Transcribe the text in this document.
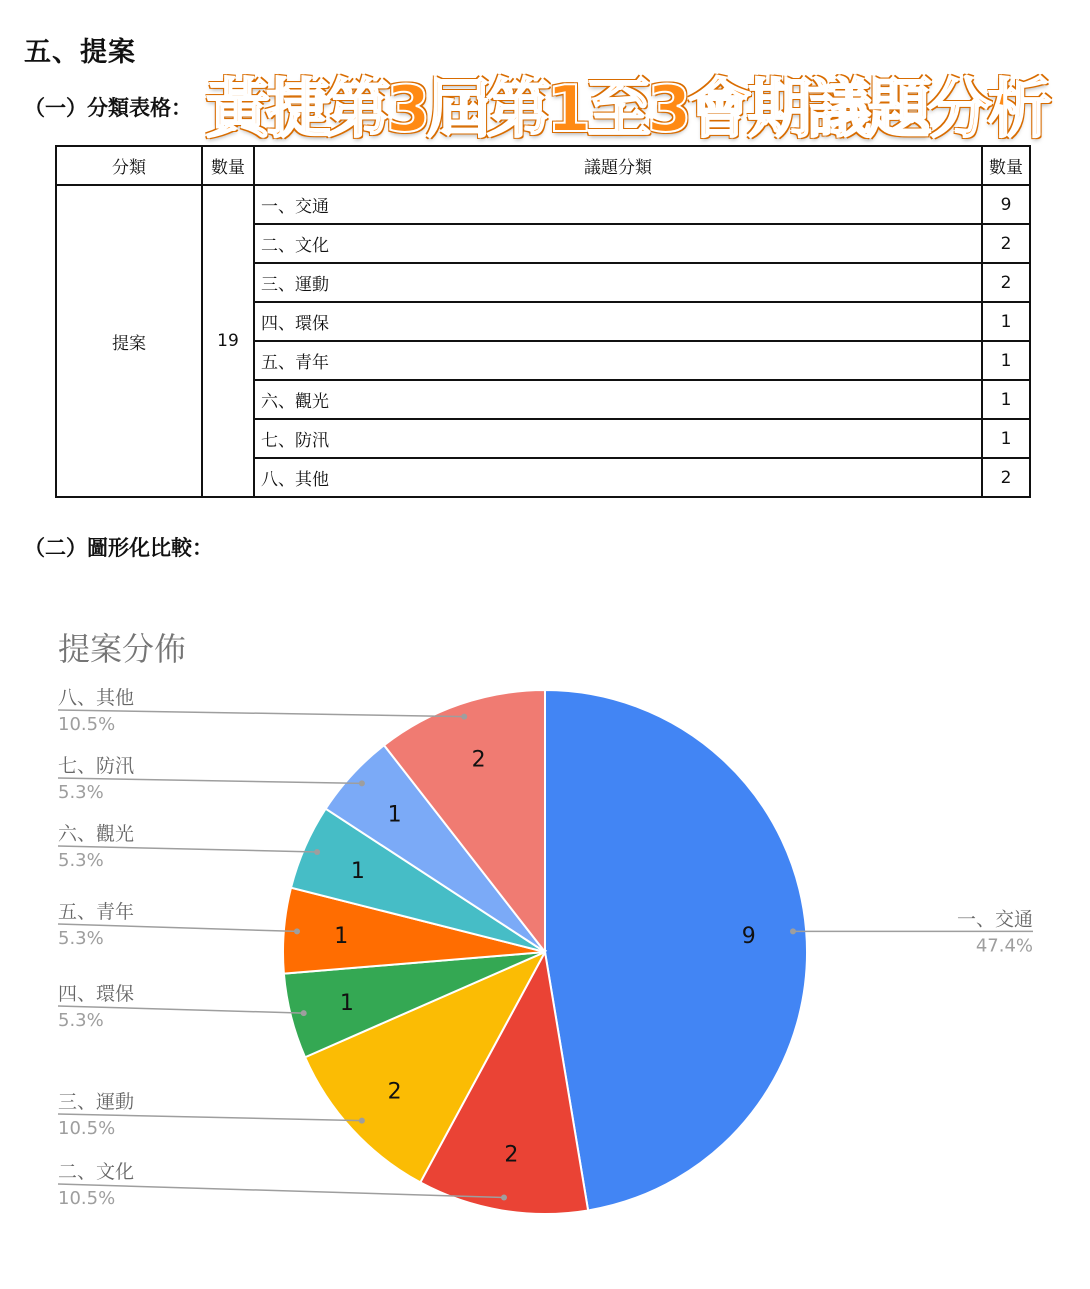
五、提案
（一）分類表格： 黃捷第3屆第1至3會期議題分析
分類	數量	議題分類	數量
提案	19	一、交通	9
		二、文化	2
		三、運動	2
		四、環保	1
		五、青年	1
		六、觀光	1
		七、防汛	1
		八、其他	2
（二）圖形化比較：
提案分佈
9
一、交通
47.4%
2
二、文化
10.5%
2
三、運動
10.5%
1
四、環保
5.3%
1
五、青年
5.3%
1
六、觀光
5.3%
1
七、防汛
5.3%
2
八、其他
10.5%
